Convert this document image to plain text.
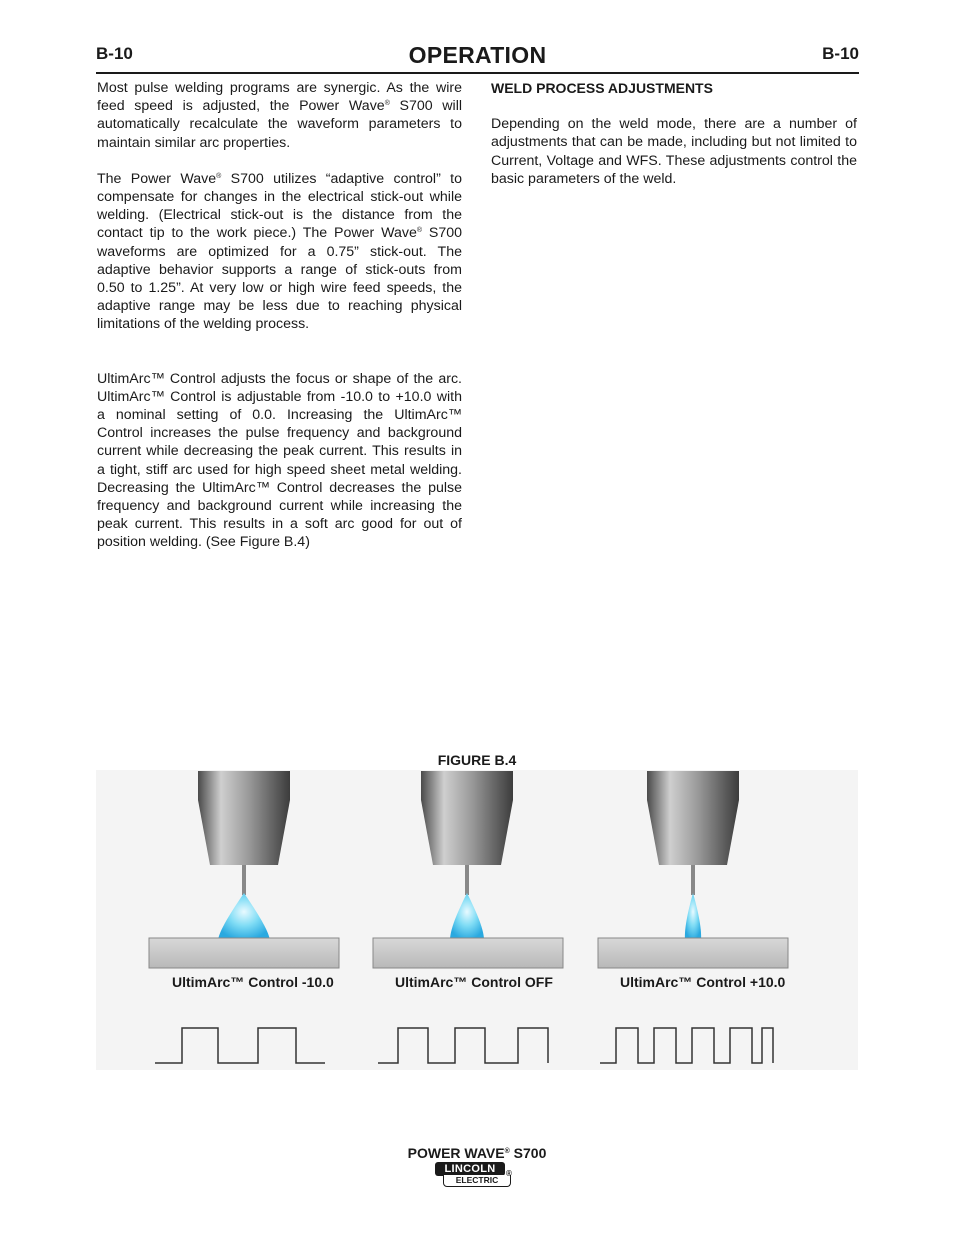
B-10	OPERATION	B-10

Most pulse welding programs are synergic. As the wire feed speed is adjusted, the Power Wave® S700 will automatically recalculate the waveform parameters to maintain similar arc properties.

The Power Wave® S700 utilizes “adaptive control” to compensate for changes in the electrical stick-out while welding. (Electrical stick-out is the distance from the contact tip to the work piece.) The Power Wave® S700 waveforms are optimized for a 0.75” stick-out. The adaptive behavior supports a range of stick-outs from 0.50 to 1.25”. At very low or high wire feed speeds, the adaptive range may be less due to reaching physical limitations of the welding process.

UltimArc™ Control adjusts the focus or shape of the arc. UltimArc™ Control is adjustable from -10.0 to +10.0 with a nominal setting of 0.0. Increasing the UltimArc™ Control increases the pulse frequency and background current while decreasing the peak current. This results in a tight, stiff arc used for high speed sheet metal welding. Decreasing the UltimArc™ Control decreases the pulse frequency and background current while increasing the peak current. This results in a soft arc good for out of position welding. (See Figure B.4)

WELD PROCESS ADJUSTMENTS

Depending on the weld mode, there are a number of adjustments that can be made, including but not limited to Current, Voltage and WFS. These adjustments control the basic parameters of the weld.

FIGURE B.4
UltimArc™ Control -10.0	UltimArc™ Control OFF	UltimArc™ Control +10.0
POWER WAVE® S700
LINCOLN
ELECTRIC
®
